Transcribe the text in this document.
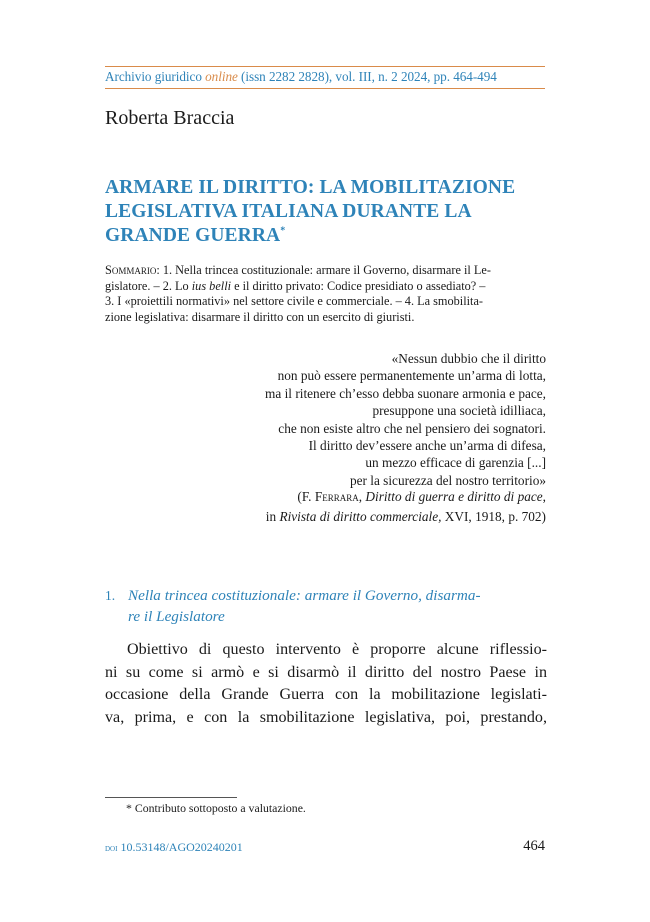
Archivio giuridico online (issn 2282 2828), vol. III, n. 2 2024, pp. 464-494
Roberta Braccia
ARMARE IL DIRITTO: LA MOBILITAZIONE
LEGISLATIVA ITALIANA DURANTE LA
GRANDE GUERRA*
Sommario: 1. Nella trincea costituzionale: armare il Governo, disarmare il Le-
gislatore. – 2. Lo ius belli e il diritto privato: Codice presidiato o assediato? –
3. I «proiettili normativi» nel settore civile e commerciale. – 4. La smobilita-
zione legislativa: disarmare il diritto con un esercito di giuristi.
«Nessun dubbio che il diritto
non può essere permanentemente un’arma di lotta,
ma il ritenere ch’esso debba suonare armonia e pace,
presuppone una società idilliaca,
che non esiste altro che nel pensiero dei sognatori.
Il diritto dev’essere anche un’arma di difesa,
un mezzo efficace di garenzia [...]
per la sicurezza del nostro territorio»
(F. Ferrara, Diritto di guerra e diritto di pace,
in Rivista di diritto commerciale, XVI, 1918, p. 702)
1. Nella trincea costituzionale: armare il Governo, disarma-
re il Legislatore
Obiettivo di questo intervento è proporre alcune riflessio-
ni su come si armò e si disarmò il diritto del nostro Paese in
occasione della Grande Guerra con la mobilitazione legislati-
va, prima, e con la smobilitazione legislativa, poi, prestando,
* Contributo sottoposto a valutazione.
doi 10.53148/AGO20240201	464
